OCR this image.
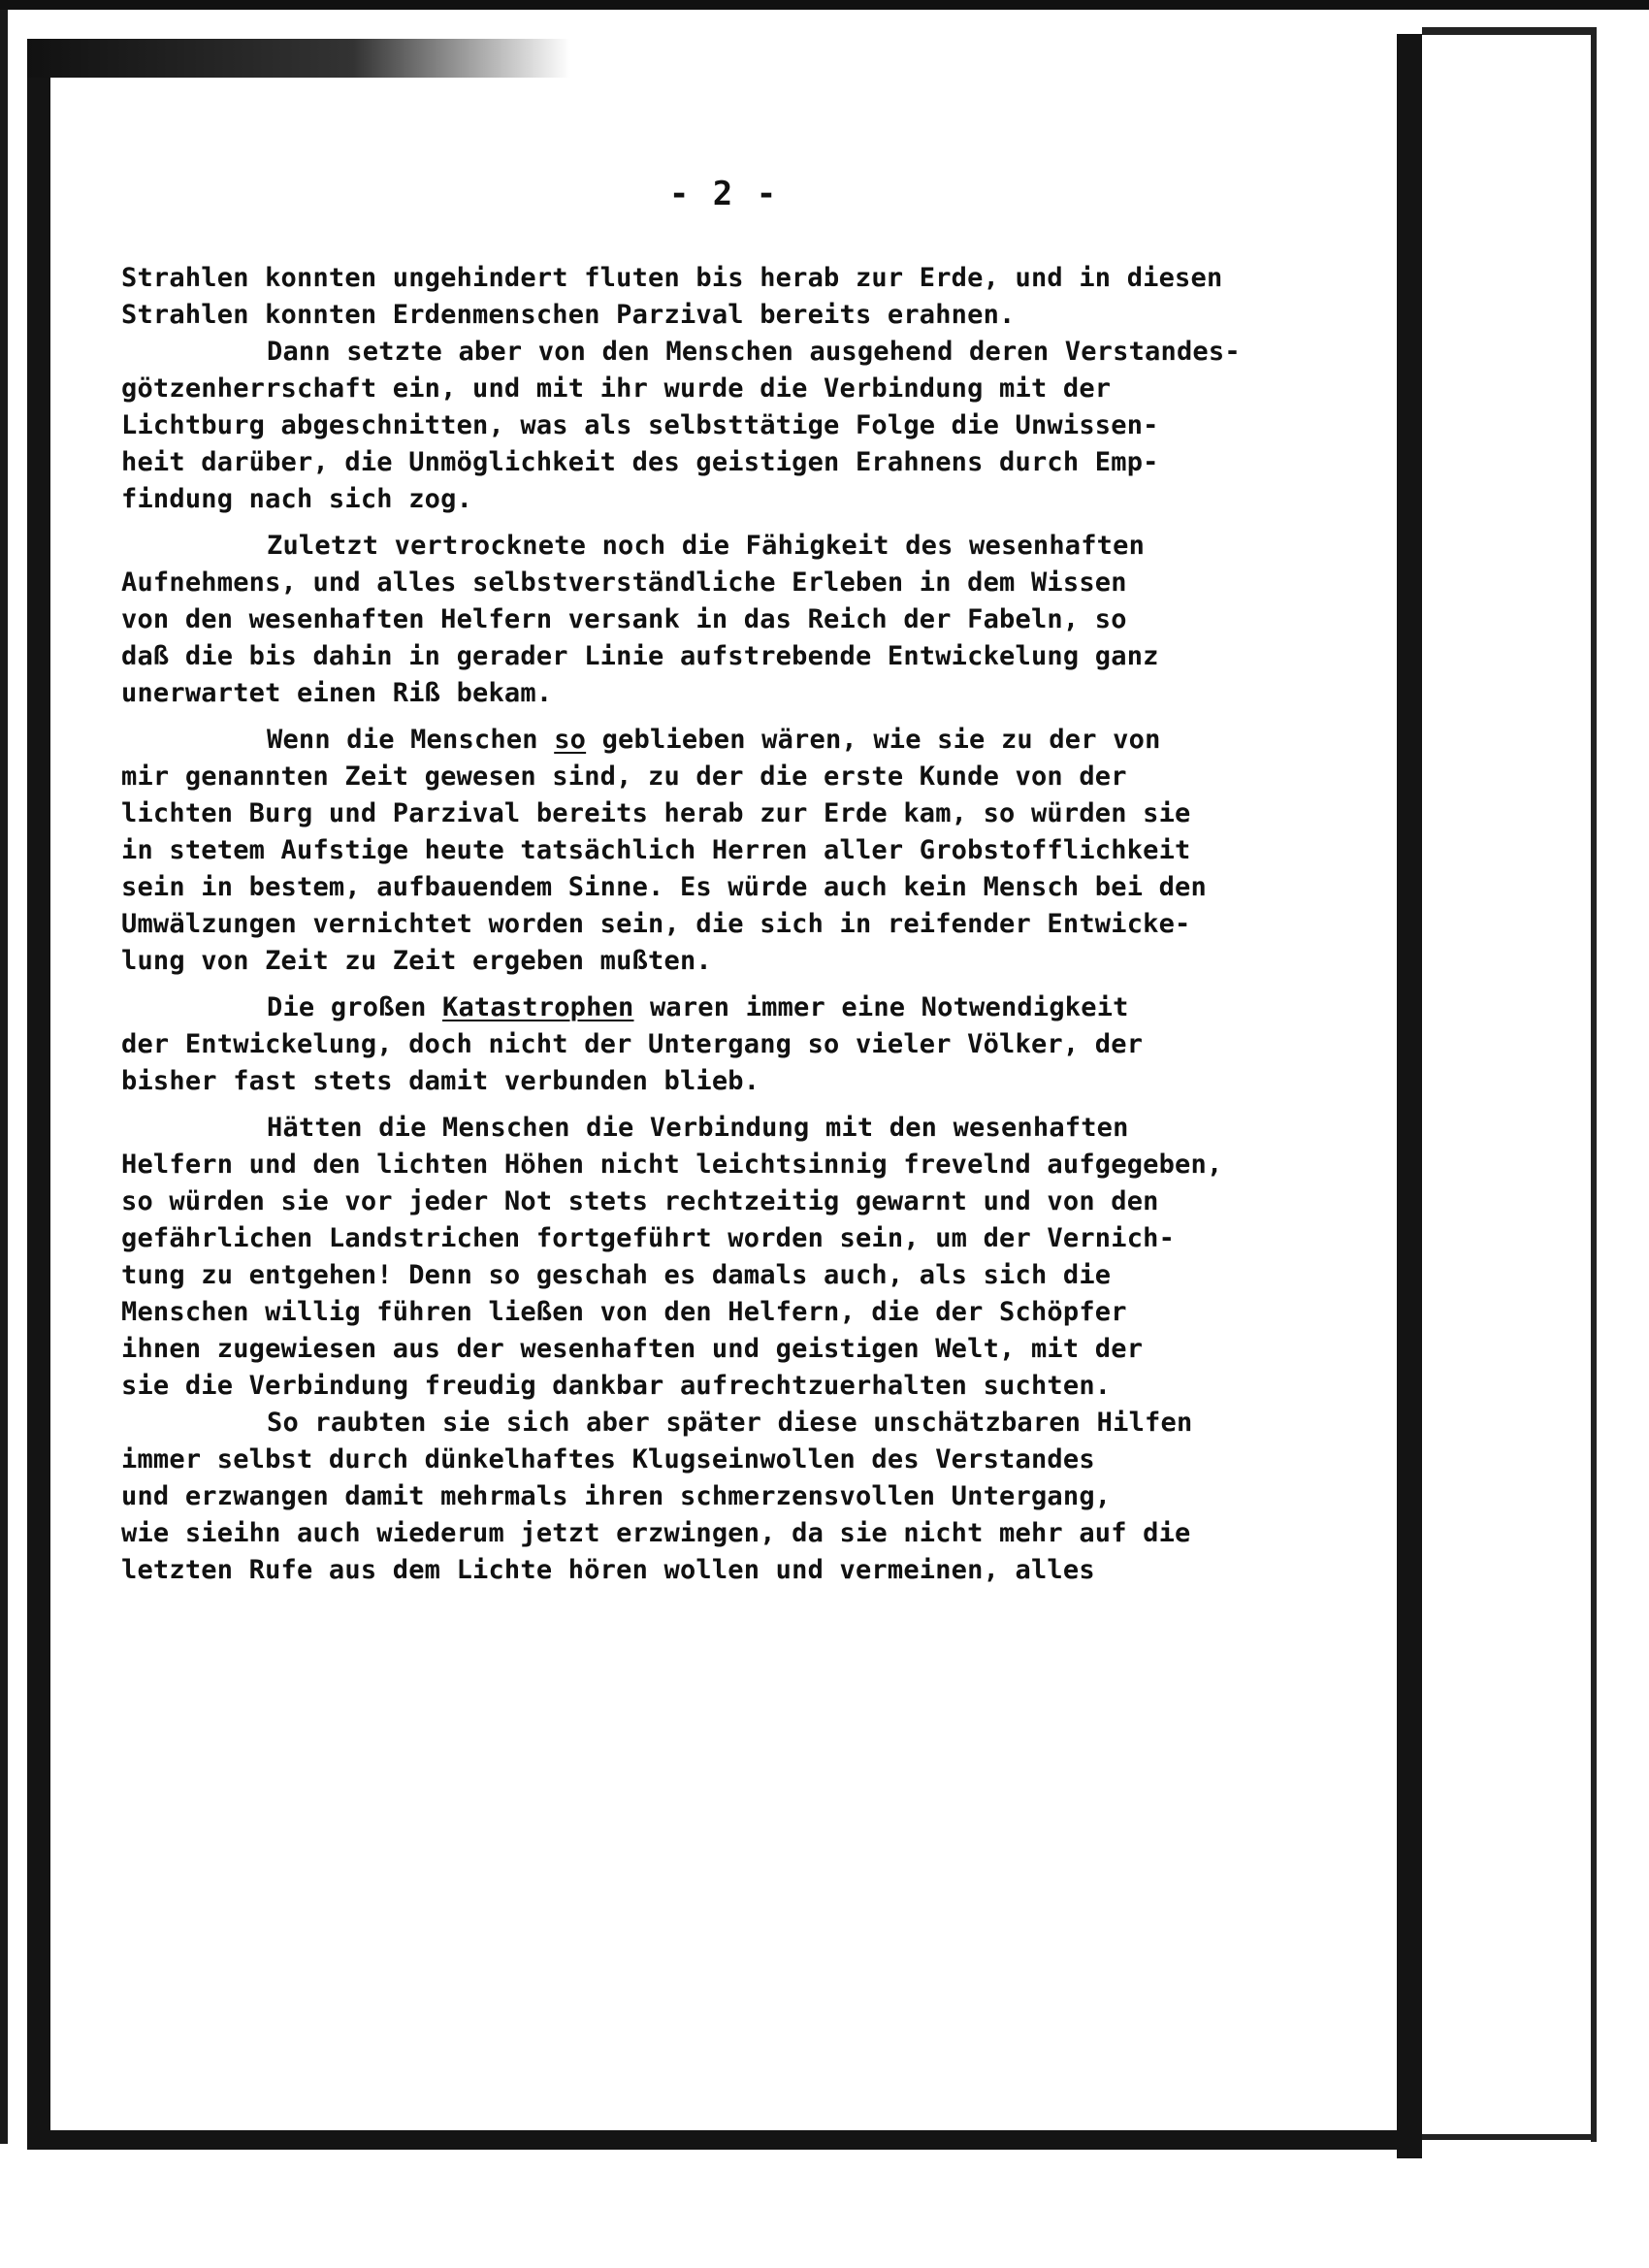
- 2 -
Strahlen konnten ungehindert fluten bis herab zur Erde, und in diesen
Strahlen konnten Erdenmenschen Parzival bereits erahnen.
Dann setzte aber von den Menschen ausgehend deren Verstandes-
götzenherrschaft ein, und mit ihr wurde die Verbindung mit der
Lichtburg abgeschnitten, was als selbsttätige Folge die Unwissen-
heit darüber, die Unmöglichkeit des geistigen Erahnens durch Emp-
findung nach sich zog.
Zuletzt vertrocknete noch die Fähigkeit des wesenhaften
Aufnehmens, und alles selbstverständliche Erleben in dem Wissen
von den wesenhaften Helfern versank in das Reich der Fabeln, so
daß die bis dahin in gerader Linie aufstrebende Entwickelung ganz
unerwartet einen Riß bekam.
Wenn die Menschen so geblieben wären, wie sie zu der von
mir genannten Zeit gewesen sind, zu der die erste Kunde von der
lichten Burg und Parzival bereits herab zur Erde kam, so würden sie
in stetem Aufstige heute tatsächlich Herren aller Grobstofflichkeit
sein in bestem, aufbauendem Sinne. Es würde auch kein Mensch bei den
Umwälzungen vernichtet worden sein, die sich in reifender Entwicke-
lung von Zeit zu Zeit ergeben mußten.
Die großen Katastrophen waren immer eine Notwendigkeit
der Entwickelung, doch nicht der Untergang so vieler Völker, der
bisher fast stets damit verbunden blieb.
Hätten die Menschen die Verbindung mit den wesenhaften
Helfern und den lichten Höhen nicht leichtsinnig frevelnd aufgegeben,
so würden sie vor jeder Not stets rechtzeitig gewarnt und von den
gefährlichen Landstrichen fortgeführt worden sein, um der Vernich-
tung zu entgehen! Denn so geschah es damals auch, als sich die
Menschen willig führen ließen von den Helfern, die der Schöpfer
ihnen zugewiesen aus der wesenhaften und geistigen Welt, mit der
sie die Verbindung freudig dankbar aufrechtzuerhalten suchten.
So raubten sie sich aber später diese unschätzbaren Hilfen
immer selbst durch dünkelhaftes Klugseinwollen des Verstandes
und erzwangen damit mehrmals ihren schmerzensvollen Untergang,
wie sieihn auch wiederum jetzt erzwingen, da sie nicht mehr auf die
letzten Rufe aus dem Lichte hören wollen und vermeinen, alles
